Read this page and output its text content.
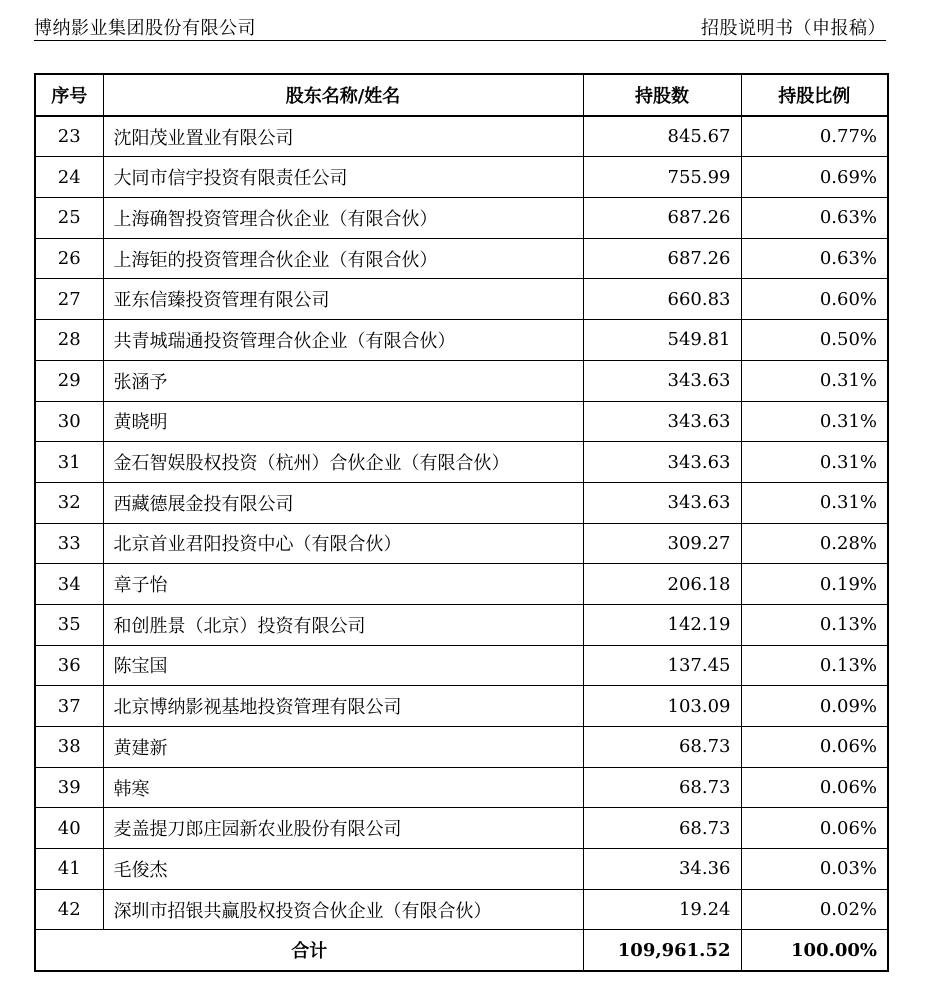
博纳影业集团股份有限公司	招股说明书（申报稿）
序号	股东名称/姓名	持股数	持股比例
23	沈阳茂业置业有限公司	845.67	0.77%
24	大同市信宇投资有限责任公司	755.99	0.69%
25	上海确智投资管理合伙企业（有限合伙）	687.26	0.63%
26	上海钜的投资管理合伙企业（有限合伙）	687.26	0.63%
27	亚东信臻投资管理有限公司	660.83	0.60%
28	共青城瑞通投资管理合伙企业（有限合伙）	549.81	0.50%
29	张涵予	343.63	0.31%
30	黄晓明	343.63	0.31%
31	金石智娱股权投资（杭州）合伙企业（有限合伙）	343.63	0.31%
32	西藏德展金投有限公司	343.63	0.31%
33	北京首业君阳投资中心（有限合伙）	309.27	0.28%
34	章子怡	206.18	0.19%
35	和创胜景（北京）投资有限公司	142.19	0.13%
36	陈宝国	137.45	0.13%
37	北京博纳影视基地投资管理有限公司	103.09	0.09%
38	黄建新	68.73	0.06%
39	韩寒	68.73	0.06%
40	麦盖提刀郎庄园新农业股份有限公司	68.73	0.06%
41	毛俊杰	34.36	0.03%
42	深圳市招银共赢股权投资合伙企业（有限合伙）	19.24	0.02%
合计		109,961.52	100.00%
